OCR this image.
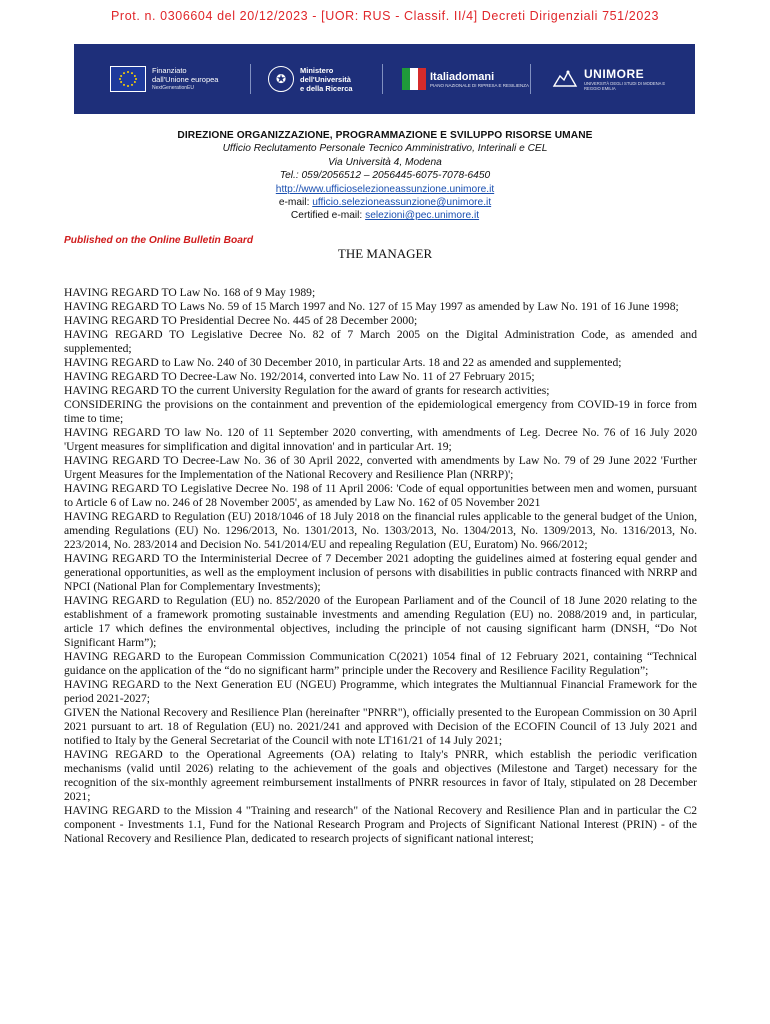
Prot. n. 0306604 del 20/12/2023 - [UOR: RUS - Classif. II/4] Decreti Dirigenziali 751/2023
Finanziato
dall'Unione europea
NextGenerationEU
✪
Ministero
dell'Università
e della Ricerca
Italiadomani
PIANO NAZIONALE DI RIPRESA E RESILIENZA
UNIMORE
UNIVERSITÀ DEGLI STUDI DI MODENA E REGGIO EMILIA
DIREZIONE ORGANIZZAZIONE, PROGRAMMAZIONE E SVILUPPO RISORSE UMANE
Ufficio Reclutamento Personale Tecnico Amministrativo, Interinali e CEL
Via Università 4, Modena
Tel.: 059/2056512 – 2056445-6075-7078-6450
http://www.ufficioselezioneassunzione.unimore.it
e-mail: ufficio.selezioneassunzione@unimore.it
Certified e-mail: selezioni@pec.unimore.it
Published on the Online Bulletin Board
THE MANAGER

HAVING REGARD TO Law No. 168 of 9 May 1989;

HAVING REGARD TO Laws No. 59 of 15 March 1997 and No. 127 of 15 May 1997 as amended by Law No. 191 of 16 June 1998;

HAVING REGARD TO Presidential Decree No. 445 of 28 December 2000;

HAVING REGARD TO Legislative Decree No. 82 of 7 March 2005 on the Digital Administration Code, as amended and supplemented;

HAVING REGARD to Law No. 240 of 30 December 2010, in particular Arts. 18 and 22 as amended and supplemented;

HAVING REGARD TO Decree-Law No. 192/2014, converted into Law No. 11 of 27 February 2015;

HAVING REGARD TO the current University Regulation for the award of grants for research activities;

CONSIDERING the provisions on the containment and prevention of the epidemiological emergency from COVID-19 in force from time to time;

HAVING REGARD TO law No. 120 of 11 September 2020 converting, with amendments of Leg. Decree No. 76 of 16 July 2020 'Urgent measures for simplification and digital innovation' and in particular Art. 19;

HAVING REGARD TO Decree-Law No. 36 of 30 April 2022, converted with amendments by Law No. 79 of 29 June 2022 'Further Urgent Measures for the Implementation of the National Recovery and Resilience Plan (NRRP)';

HAVING REGARD TO Legislative Decree No. 198 of 11 April 2006: 'Code of equal opportunities between men and women, pursuant to Article 6 of Law no. 246 of 28 November 2005', as amended by Law No. 162 of 05 November 2021

HAVING REGARD to Regulation (EU) 2018/1046 of 18 July 2018 on the financial rules applicable to the general budget of the Union, amending Regulations (EU) No. 1296/2013, No. 1301/2013, No. 1303/2013, No. 1304/2013, No. 1309/2013, No. 1316/2013, No. 223/2014, No. 283/2014 and Decision No. 541/2014/EU and repealing Regulation (EU, Euratom) No. 966/2012;

HAVING REGARD TO the Interministerial Decree of 7 December 2021 adopting the guidelines aimed at fostering equal gender and generational opportunities, as well as the employment inclusion of persons with disabilities in public contracts financed with NRRP and NPCI (National Plan for Complementary Investments);

HAVING REGARD to Regulation (EU) no. 852/2020 of the European Parliament and of the Council of 18 June 2020 relating to the establishment of a framework promoting sustainable investments and amending Regulation (EU) no. 2088/2019 and, in particular, article 17 which defines the environmental objectives, including the principle of not causing significant harm (DNSH, “Do Not Significant Harm”);

HAVING REGARD to the European Commission Communication C(2021) 1054 final of 12 February 2021, containing “Technical guidance on the application of the “do no significant harm” principle under the Recovery and Resilience Facility Regulation”;

HAVING REGARD to the Next Generation EU (NGEU) Programme, which integrates the Multiannual Financial Framework for the period 2021-2027;

GIVEN the National Recovery and Resilience Plan (hereinafter "PNRR"), officially presented to the European Commission on 30 April 2021 pursuant to art. 18 of Regulation (EU) no. 2021/241 and approved with Decision of the ECOFIN Council of 13 July 2021 and notified to Italy by the General Secretariat of the Council with note LT161/21 of 14 July 2021;

HAVING REGARD to the Operational Agreements (OA) relating to Italy's PNRR, which establish the periodic verification mechanisms (valid until 2026) relating to the achievement of the goals and objectives (Milestone and Target) necessary for the recognition of the six-monthly agreement reimbursement installments of PNRR resources in favor of Italy, stipulated on 28 December 2021;

HAVING REGARD to the Mission 4 "Training and research" of the National Recovery and Resilience Plan and in particular the C2 component - Investments 1.1, Fund for the National Research Program and Projects of Significant National Interest (PRIN) - of the National Recovery and Resilience Plan, dedicated to research projects of significant national interest;
